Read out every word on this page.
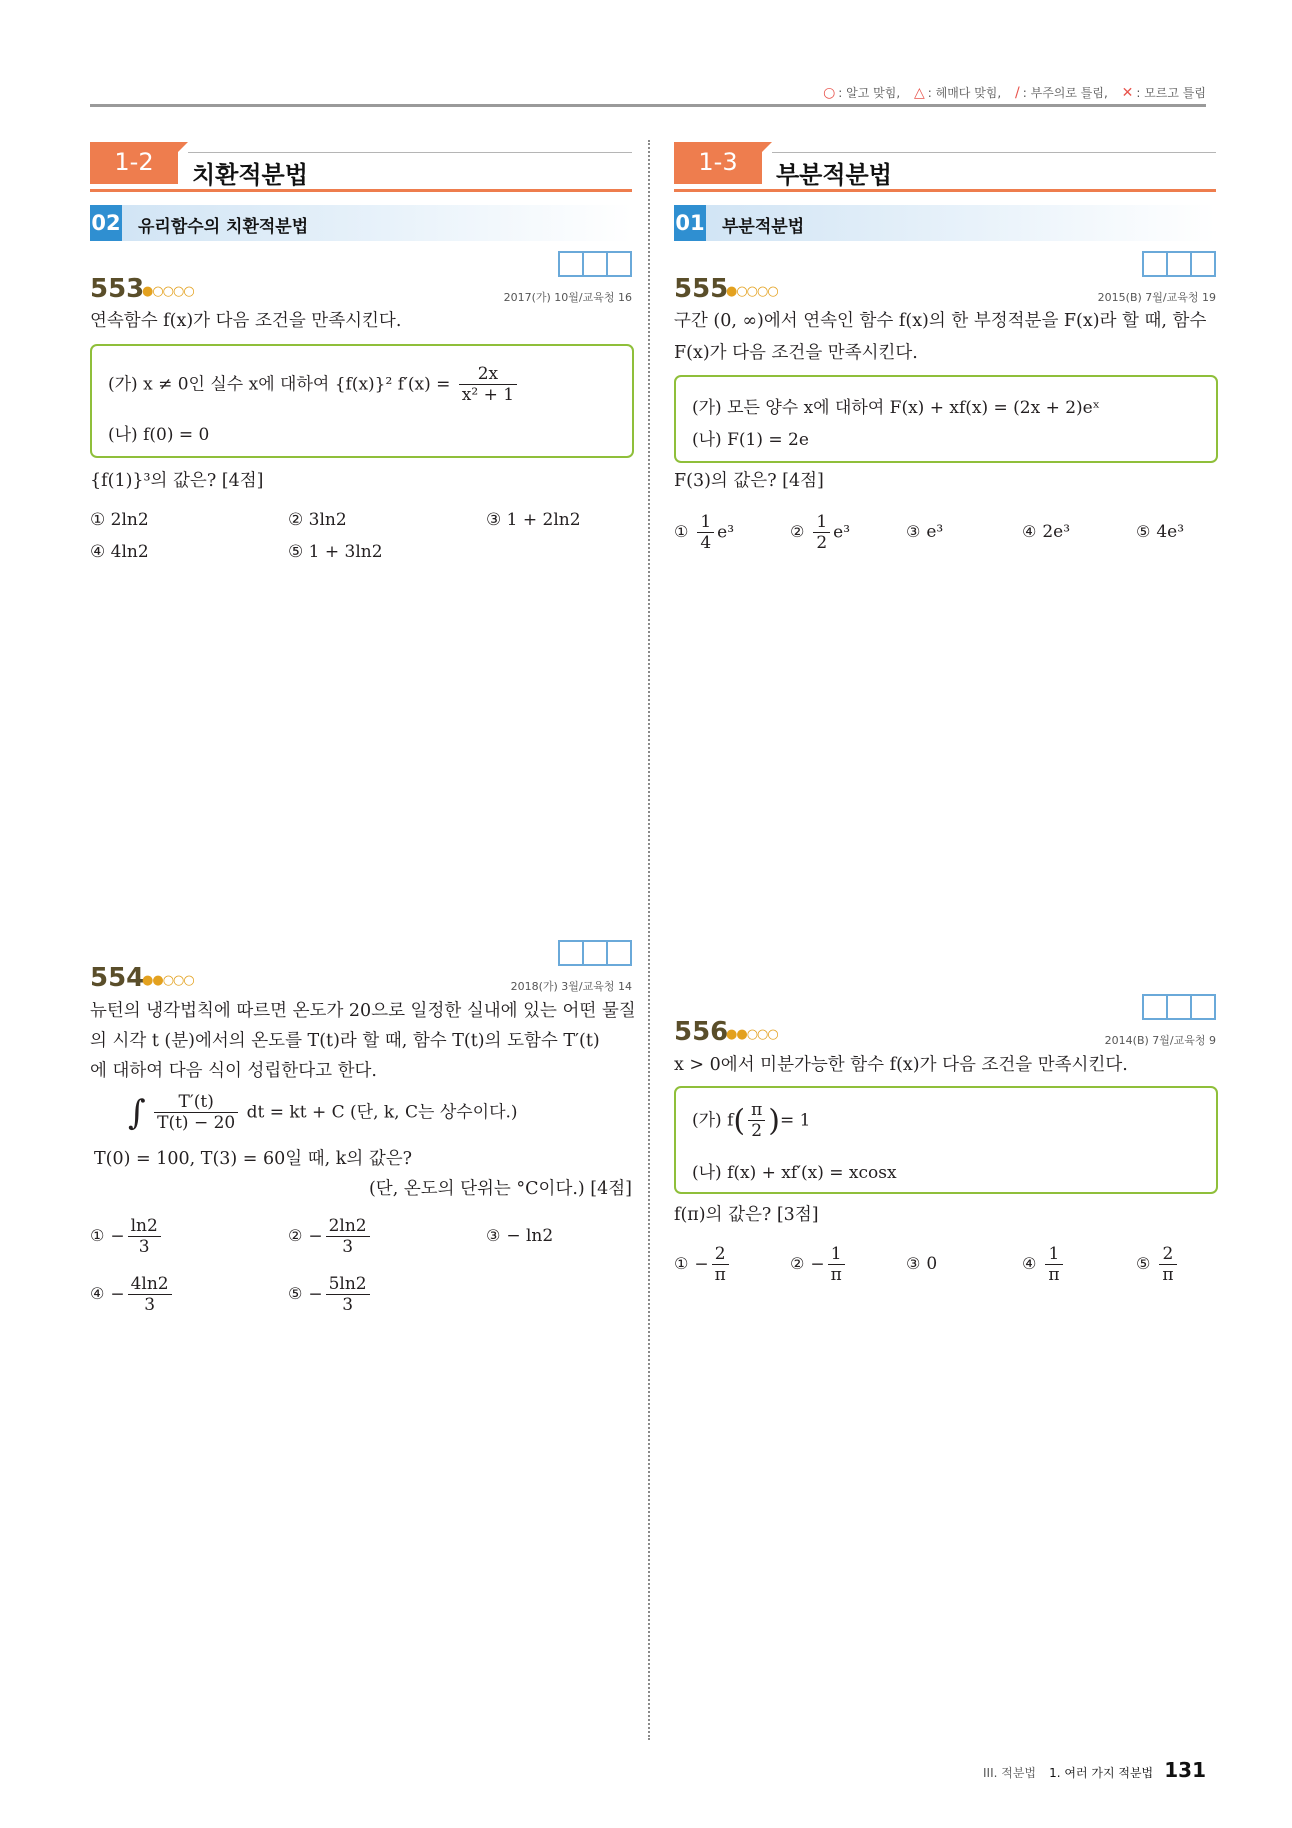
○ : 알고 맞힘, △ : 헤매다 맞힘, / : 부주의로 틀림, ✕ : 모르고 틀림
1-2	치환적분법
02 유리함수의 치환적분법
1-3	부분적분법
01 부분적분법
553
●○○○○	2017(가) 10월/교육청 16
연속함수 f(x)가 다음 조건을 만족시킨다.
(가) x ≠ 0인 실수 x에 대하여 {f(x)}² $f'(x) = \frac{2x}{\text{x² + 1}}$
(나) f(0) = 0
{f(1)}³의 값은? [4점]
① 2ln2	② 3ln2	③ 1 + 2ln2
④ 4ln2	⑤ 1 + 3ln2
554
●●○○○	2018(가) 3월/교육청 14
뉴턴의 냉각법칙에 따르면 온도가 20으로 일정한 실내에 있는 어떤 물질
의 시각 t (분)에서의 온도를 T(t)라 할 때, 함수 T(t)의 도함수 T′(t)
에 대하여 다음 식이 성립한다고 한다.
∫ $\frac{T'(t)}{T(t) - 20}$ dt = kt + C (단, k, C는 상수이다.)
T(0) = 100, T(3) = 60일 때, k의 값은?
(단, 온도의 단위는 °C이다.) [4점]
① − $\frac{\ln 2}{3}$	② − $\frac{2\ln 2}{3}$	③ − ln2
④ − $\frac{4\ln 2}{3}$	⑤ − $\frac{5\ln 2}{3}$
555
●○○○○	2015(B) 7월/교육청 19
구간 (0, ∞)에서 연속인 함수 f(x)의 한 부정적분을 F(x)라 할 때, 함수
F(x)가 다음 조건을 만족시킨다.
(가) 모든 양수 x에 대하여 F(x) + xf(x) = (2x + 2)eˣ
(나) F(1) = 2e
F(3)의 값은? [4점]
① $\frac{1}{4} e^3$	② $\frac{1}{2} e^3$	③ e³	④ 2e³	⑤ 4e³
556
●●○○○	2014(B) 7월/교육청 9
x > 0에서 미분가능한 함수 f(x)가 다음 조건을 만족시킨다.
(가) $f( \frac{\pi}{2}$ )= 1
(나) f(x) + xf′(x) = xcosx
f(π)의 값은? [3점]
① − $\frac{2}{\pi}$	② − $\frac{1}{\pi}$	③ 0	④ $\frac{1}{\pi}$	⑤ $\frac{2}{\pi}$
III. 적분법 1. 여러 가지 적분법 131
